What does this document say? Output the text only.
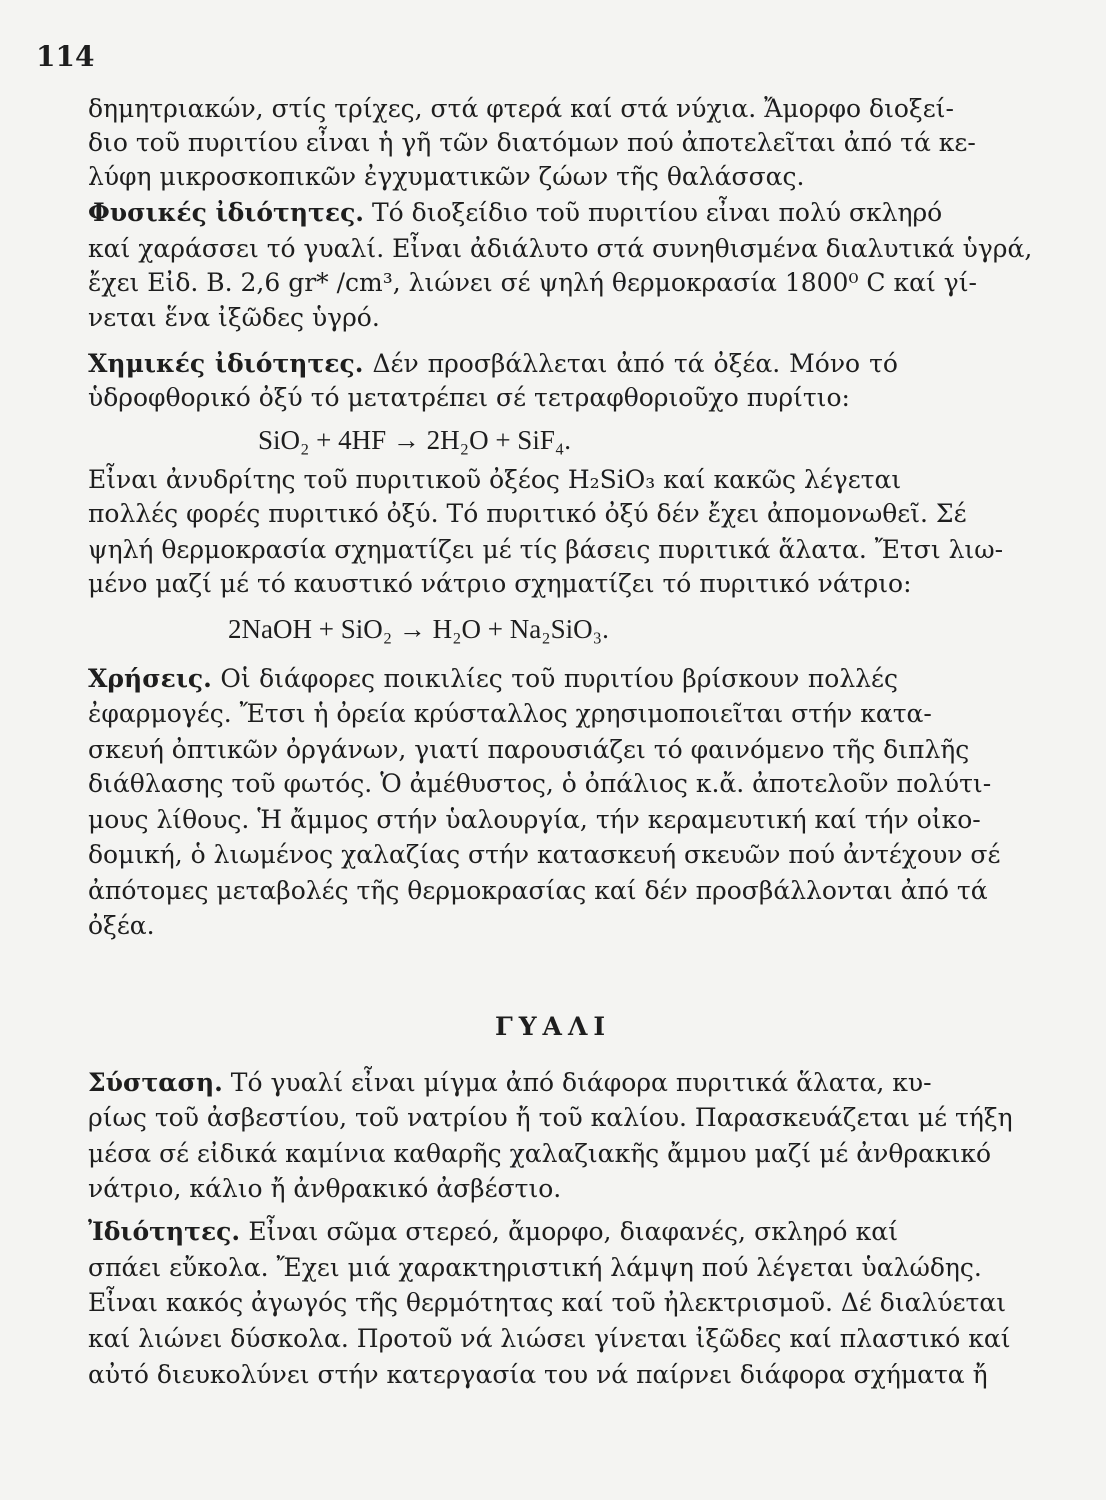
114
δημητριακών, στίς τρίχες, στά φτερά καί στά νύχια. Ἄμορφο διοξεί-
διο τοῦ πυριτίου εἶναι ἡ γῆ τῶν διατόμων πού ἀποτελεῖται ἀπό τά κε-
λύφη μικροσκοπικῶν ἐγχυματικῶν ζώων τῆς θαλάσσας.
Φυσικές ἰδιότητες. Τό διοξείδιο τοῦ πυριτίου εἶναι πολύ σκληρό
καί χαράσσει τό γυαλί. Εἶναι ἀδιάλυτο στά συνηθισμένα διαλυτικά ὑγρά,
ἔχει Εἰδ. Β. 2,6 gr* /cm³, λιώνει σέ ψηλή θερμοκρασία 1800⁰ C καί γί-
νεται ἕνα ἰξῶδες ὑγρό.
Χημικές ἰδιότητες. Δέν προσβάλλεται ἀπό τά ὀξέα. Μόνο τό
ὑδροφθορικό ὀξύ τό μετατρέπει σέ τετραφθοριοῦχο πυρίτιο:
SiO₂ + 4HF → 2H₂O + SiF₄.
Εἶναι ἀνυδρίτης τοῦ πυριτικοῦ ὀξέος H₂SiO₃ καί κακῶς λέγεται
πολλές φορές πυριτικό ὀξύ. Τό πυριτικό ὀξύ δέν ἔχει ἀπομονωθεῖ. Σέ
ψηλή θερμοκρασία σχηματίζει μέ τίς βάσεις πυριτικά ἅλατα. Ἔτσι λιω-
μένο μαζί μέ τό καυστικό νάτριο σχηματίζει τό πυριτικό νάτριο:
2NaOH + SiO₂ → H₂O + Na₂SiO₃.
Χρήσεις. Οἱ διάφορες ποικιλίες τοῦ πυριτίου βρίσκουν πολλές
ἐφαρμογές. Ἔτσι ἡ ὀρεία κρύσταλλος χρησιμοποιεῖται στήν κατα-
σκευή ὀπτικῶν ὀργάνων, γιατί παρουσιάζει τό φαινόμενο τῆς διπλῆς
διάθλασης τοῦ φωτός. Ὁ ἀμέθυστος, ὁ ὀπάλιος κ.ἄ. ἀποτελοῦν πολύτι-
μους λίθους. Ἡ ἄμμος στήν ὑαλουργία, τήν κεραμευτική καί τήν οἰκο-
δομική, ὁ λιωμένος χαλαζίας στήν κατασκευή σκευῶν πού ἀντέχουν σέ
ἀπότομες μεταβολές τῆς θερμοκρασίας καί δέν προσβάλλονται ἀπό τά
ὀξέα.
ΓΥΑΛΙ
Σύσταση. Τό γυαλί εἶναι μίγμα ἀπό διάφορα πυριτικά ἅλατα, κυ-
ρίως τοῦ ἀσβεστίου, τοῦ νατρίου ἤ τοῦ καλίου. Παρασκευάζεται μέ τήξη
μέσα σέ εἰδικά καμίνια καθαρῆς χαλαζιακῆς ἄμμου μαζί μέ ἀνθρακικό
νάτριο, κάλιο ἤ ἀνθρακικό ἀσβέστιο.
Ἰδιότητες. Εἶναι σῶμα στερεό, ἄμορφο, διαφανές, σκληρό καί
σπάει εὔκολα. Ἔχει μιά χαρακτηριστική λάμψη πού λέγεται ὑαλώδης.
Εἶναι κακός ἀγωγός τῆς θερμότητας καί τοῦ ἠλεκτρισμοῦ. Δέ διαλύεται
καί λιώνει δύσκολα. Πρoτοῦ νά λιώσει γίνεται ἰξῶδες καί πλαστικό καί
αὐτό διευκολύνει στήν κατεργασία του νά παίρνει διάφορα σχήματα ἤ
